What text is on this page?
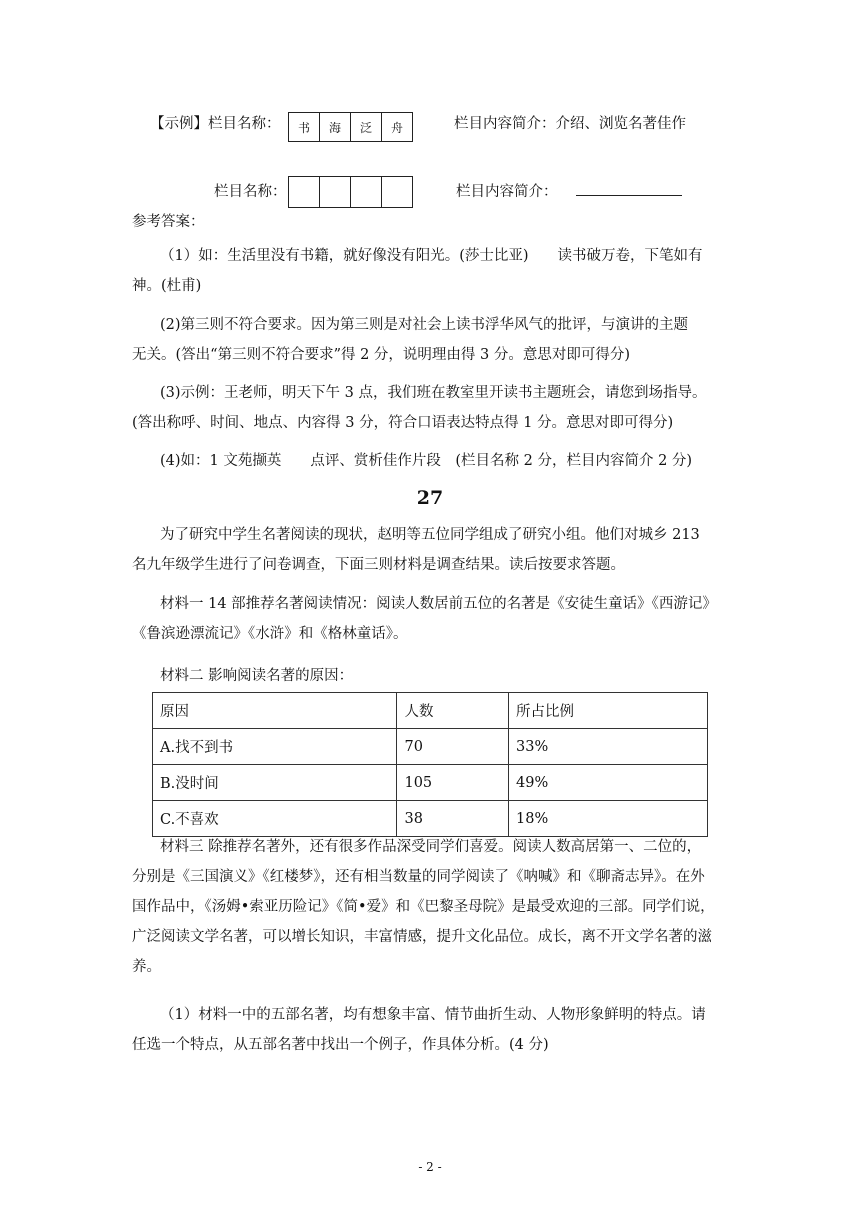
【示例】栏目名称：	书	海	泛	舟	栏目内容简介：介绍、浏览名著佳作
栏目名称：	栏目内容简介：
参考答案：
（1）如：生活里没有书籍，就好像没有阳光。(莎士比亚)　　读书破万卷，下笔如有
神。(杜甫)
(2)第三则不符合要求。因为第三则是对社会上读书浮华风气的批评，与演讲的主题
无关。(答出“第三则不符合要求”得 2 分，说明理由得 3 分。意思对即可得分)
(3)示例：王老师，明天下午 3 点，我们班在教室里开读书主题班会，请您到场指导。
(答出称呼、时间、地点、内容得 3 分，符合口语表达特点得 1 分。意思对即可得分)
(4)如：1 文苑撷英　　点评、赏析佳作片段　(栏目名称 2 分，栏目内容简介 2 分)
27
为了研究中学生名著阅读的现状，赵明等五位同学组成了研究小组。他们对城乡 213
名九年级学生进行了问卷调查，下面三则材料是调查结果。读后按要求答题。
材料一 14 部推荐名著阅读情况：阅读人数居前五位的名著是《安徒生童话》《西游记》
《鲁滨逊漂流记》《水浒》和《格林童话》。
材料二 影响阅读名著的原因：
原因	人数	所占比例
A.找不到书	70	33%
B.没时间	105	49%
C.不喜欢	38	18%
材料三 除推荐名著外，还有很多作品深受同学们喜爱。阅读人数高居第一、二位的，
分别是《三国演义》《红楼梦》，还有相当数量的同学阅读了《呐喊》和《聊斋志异》。在外
国作品中，《汤姆•索亚历险记》《简•爱》和《巴黎圣母院》是最受欢迎的三部。同学们说，
广泛阅读文学名著，可以增长知识，丰富情感，提升文化品位。成长，离不开文学名著的滋
养。
（1）材料一中的五部名著，均有想象丰富、情节曲折生动、人物形象鲜明的特点。请
任选一个特点，从五部名著中找出一个例子，作具体分析。(4 分)
- 2 -
